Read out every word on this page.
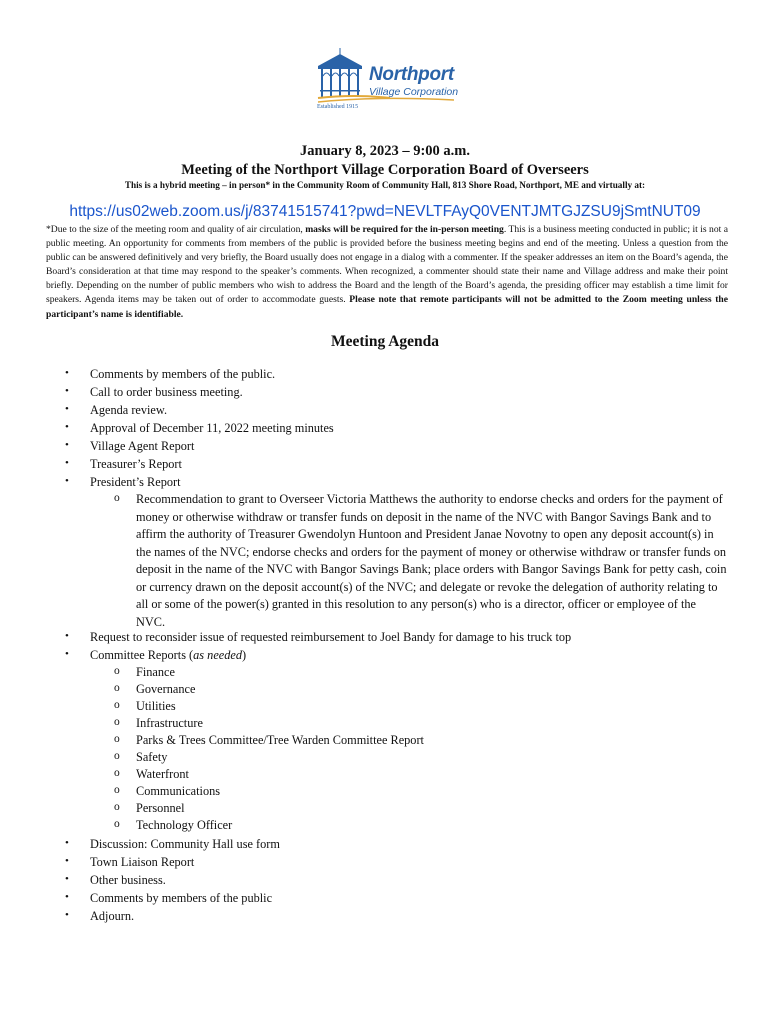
Northport
Village Corporation
Established 1915
January 8, 2023 – 9:00 a.m.
Meeting of the Northport Village Corporation Board of Overseers
This is a hybrid meeting – in person* in the Community Room of Community Hall, 813 Shore Road, Northport, ME and virtually at:
https://us02web.zoom.us/j/83741515741?pwd=NEVLTFAyQ0VENTJMTGJZSU9jSmtNUT09
*Due to the size of the meeting room and quality of air circulation, masks will be required for the in-person meeting. This is a business meeting conducted in public; it is not a public meeting. An opportunity for comments from members of the public is provided before the business meeting begins and end of the meeting. Unless a question from the public can be answered definitively and very briefly, the Board usually does not engage in a dialog with a commenter. If the speaker addresses an item on the Board’s agenda, the Board’s consideration at that time may respond to the speaker’s comments. When recognized, a commenter should state their name and Village address and make their point briefly. Depending on the number of public members who wish to address the Board and the length of the Board’s agenda, the presiding officer may establish a time limit for speakers. Agenda items may be taken out of order to accommodate guests. Please note that remote participants will not be admitted to the Zoom meeting unless the participant’s name is identifiable.
Meeting Agenda
• Comments by members of the public.
• Call to order business meeting.
• Agenda review.
• Approval of December 11, 2022 meeting minutes
• Village Agent Report
• Treasurer’s Report
• President’s Report
o Recommendation to grant to Overseer Victoria Matthews the authority to endorse checks and orders for the payment of money or otherwise withdraw or transfer funds on deposit in the name of the NVC with Bangor Savings Bank and to affirm the authority of Treasurer Gwendolyn Huntoon and President Janae Novotny to open any deposit account(s) in the names of the NVC; endorse checks and orders for the payment of money or otherwise withdraw or transfer funds on deposit in the name of the NVC with Bangor Savings Bank; place orders with Bangor Savings Bank for petty cash, coin or currency drawn on the deposit account(s) of the NVC; and delegate or revoke the delegation of authority relating to all or some of the power(s) granted in this resolution to any person(s) who is a director, officer or employee of the NVC.
• Request to reconsider issue of requested reimbursement to Joel Bandy for damage to his truck top
• Committee Reports (as needed)
o Finance
o Governance
o Utilities
o Infrastructure
o Parks & Trees Committee/Tree Warden Committee Report
o Safety
o Waterfront
o Communications
o Personnel
o Technology Officer
• Discussion: Community Hall use form
• Town Liaison Report
• Other business.
• Comments by members of the public
• Adjourn.
